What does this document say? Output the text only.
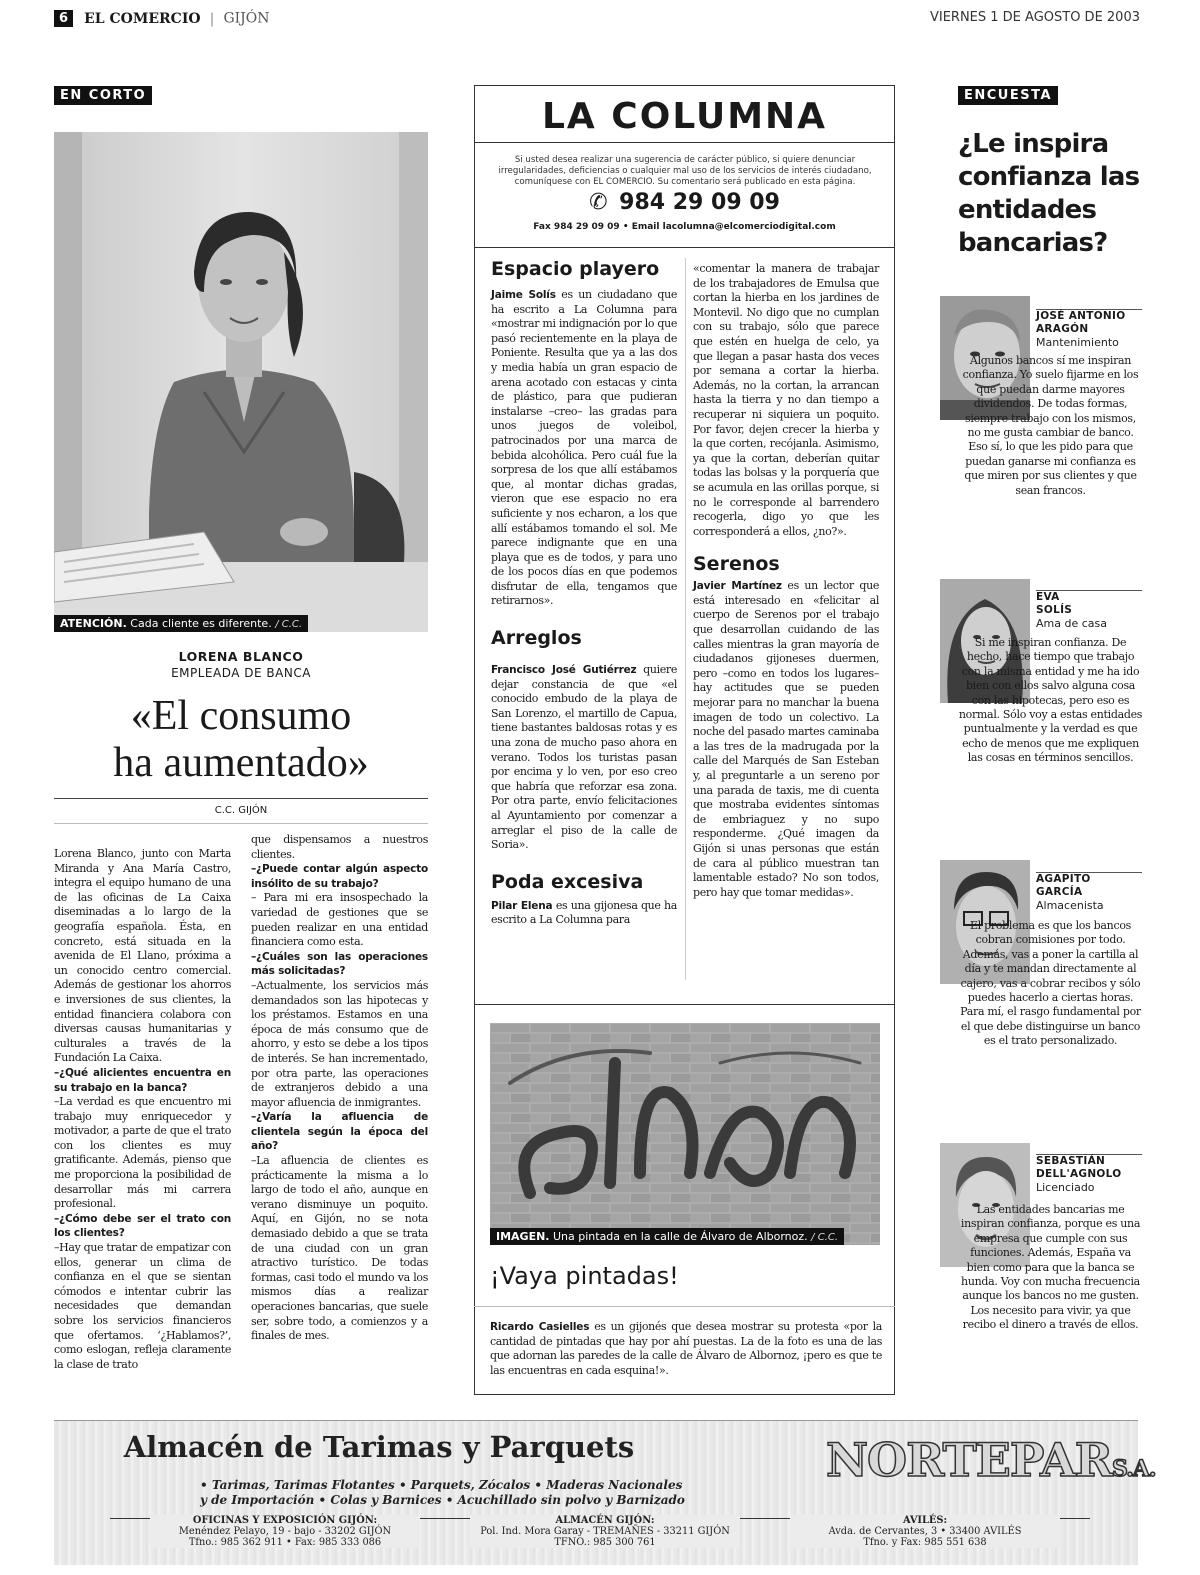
6 EL COMERCIO | GIJÓN	VIERNES 1 DE AGOSTO DE 2003
EN CORTO
ATENCIÓN. Cada cliente es diferente. / C.C.
LORENA BLANCO
EMPLEADA DE BANCA
«El consumo
ha aumentado»
C.C. GIJÓN

Lorena Blanco, junto con Marta Miranda y Ana María Castro, integra el equipo humano de una de las oficinas de La Caixa diseminadas a lo largo de la geografía española. Ésta, en concreto, está situada en la avenida de El Llano, próxima a un conocido centro comercial. Además de gestionar los ahorros e inversiones de sus clientes, la entidad financiera colabora con diversas causas humanitarias y culturales a través de la Fundación La Caixa.

–¿Qué alicientes encuentra en su trabajo en la banca?

–La verdad es que encuentro mi trabajo muy enriquecedor y motivador, a parte de que el trato con los clientes es muy gratificante. Además, pienso que me proporciona la posibilidad de desarrollar más mi carrera profesional.

–¿Cómo debe ser el trato con los clientes?

–Hay que tratar de empatizar con ellos, generar un clima de confianza en el que se sientan cómodos e intentar cubrir las necesidades que demandan sobre los servicios financieros que ofertamos. ‘¿Hablamos?’, como eslogan, refleja claramente la clase de trato

que dispensamos a nuestros clientes.

–¿Puede contar algún aspecto insólito de su trabajo?

– Para mi era insospechado la variedad de gestiones que se pueden realizar en una entidad financiera como esta.

–¿Cuáles son las operaciones más solicitadas?

–Actualmente, los servicios más demandados son las hipotecas y los préstamos. Estamos en una época de más consumo que de ahorro, y esto se debe a los tipos de interés. Se han incrementado, por otra parte, las operaciones de extranjeros debido a una mayor afluencia de inmigrantes.

–¿Varía la afluencia de clientela según la época del año?

–La afluencia de clientes es prácticamente la misma a lo largo de todo el año, aunque en verano disminuye un poquito. Aquí, en Gijón, no se nota demasiado debido a que se trata de una ciudad con un gran atractivo turístico. De todas formas, casi todo el mundo va los mismos días a realizar operaciones bancarias, que suele ser, sobre todo, a comienzos y a finales de mes.

LA COLUMNA
Si usted desea realizar una sugerencia de carácter público, si quiere denunciar irregularidades, deficiencias o cualquier mal uso de los servicios de interés ciudadano, comuníquese con EL COMERCIO. Su comentario será publicado en esta página.
✆ 984 29 09 09
Fax 984 29 09 09 • Email lacolumna@elcomerciodigital.com
Espacio playero
Jaime Solís es un ciudadano que ha escrito a La Columna para «mostrar mi indignación por lo que pasó recientemente en la playa de Poniente. Resulta que ya a las dos y media había un gran espacio de arena acotado con estacas y cinta de plástico, para que pudieran instalarse –creo– las gradas para unos juegos de voleibol, patrocinados por una marca de bebida alcohólica. Pero cuál fue la sorpresa de los que allí estábamos que, al montar dichas gradas, vieron que ese espacio no era suficiente y nos echaron, a los que allí estábamos tomando el sol. Me parece indignante que en una playa que es de todos, y para uno de los pocos días en que podemos disfrutar de ella, tengamos que retirarnos».
Arreglos
Francisco José Gutiérrez quiere dejar constancia de que «el conocido embudo de la playa de San Lorenzo, el martillo de Capua, tiene bastantes baldosas rotas y es una zona de mucho paso ahora en verano. Todos los turistas pasan por encima y lo ven, por eso creo que habría que reforzar esa zona. Por otra parte, envío felicitaciones al Ayuntamiento por comenzar a arreglar el piso de la calle de Soria».
Poda excesiva
Pilar Elena es una gijonesa que ha escrito a La Columna para
«comentar la manera de trabajar de los trabajadores de Emulsa que cortan la hierba en los jardines de Montevil. No digo que no cumplan con su trabajo, sólo que parece que estén en huelga de celo, ya que llegan a pasar hasta dos veces por semana a cortar la hierba. Además, no la cortan, la arrancan hasta la tierra y no dan tiempo a recuperar ni siquiera un poquito. Por favor, dejen crecer la hierba y la que corten, recójanla. Asimismo, ya que la cortan, deberían quitar todas las bolsas y la porquería que se acumula en las orillas porque, si no le corresponde al barrendero recogerla, digo yo que les corresponderá a ellos, ¿no?».
Serenos
Javier Martínez es un lector que está interesado en «felicitar al cuerpo de Serenos por el trabajo que desarrollan cuidando de las calles mientras la gran mayoría de ciudadanos gijoneses duermen, pero –como en todos los lugares– hay actitudes que se pueden mejorar para no manchar la buena imagen de todo un colectivo. La noche del pasado martes caminaba a las tres de la madrugada por la calle del Marqués de San Esteban y, al preguntarle a un sereno por una parada de taxis, me di cuenta que mostraba evidentes síntomas de embriaguez y no supo responderme. ¿Qué imagen da Gijón si unas personas que están de cara al público muestran tan lamentable estado? No son todos, pero hay que tomar medidas».
IMAGEN. Una pintada en la calle de Álvaro de Albornoz. / C.C.
¡Vaya pintadas!
Ricardo Casielles es un gijonés que desea mostrar su protesta «por la cantidad de pintadas que hay por ahí puestas. La de la foto es una de las que adornan las paredes de la calle de Álvaro de Albornoz, ¡pero es que te las encuentras en cada esquina!».
ENCUESTA
¿Le inspira confianza las entidades bancarias?
JOSÉ ANTONIO
ARAGÓN
Mantenimiento
Algunos bancos sí me inspiran confianza. Yo suelo fijarme en los que puedan darme mayores dividendos. De todas formas, siempre trabajo con los mismos, no me gusta cambiar de banco. Eso sí, lo que les pido para que puedan ganarse mi confianza es que miren por sus clientes y que sean francos.
EVA
SOLÍS
Ama de casa
Si me inspiran confianza. De hecho, hace tiempo que trabajo con la misma entidad y me ha ido bien con ellos salvo alguna cosa con las hipotecas, pero eso es normal. Sólo voy a estas entidades puntualmente y la verdad es que echo de menos que me expliquen las cosas en términos sencillos.
AGAPITO
GARCÍA
Almacenista
El problema es que los bancos cobran comisiones por todo. Además, vas a poner la cartilla al día y te mandan directamente al cajero, vas a cobrar recibos y sólo puedes hacerlo a ciertas horas. Para mí, el rasgo fundamental por el que debe distinguirse un banco es el trato personalizado.
SEBASTIÁN
DELL'AGNOLO
Licenciado
Las entidades bancarias me inspiran confianza, porque es una empresa que cumple con sus funciones. Además, España va bien como para que la banca se hunda. Voy con mucha frecuencia aunque los bancos no me gusten. Los necesito para vivir, ya que recibo el dinero a través de ellos.
Almacén de Tarimas y Parquets
• Tarimas, Tarimas Flotantes • Parquets, Zócalos • Maderas Nacionales
y de Importación • Colas y Barnices • Acuchillado sin polvo y Barnizado
NORTEPARS.A.
OFICINAS Y EXPOSICIÓN GIJÓN:
Menéndez Pelayo, 19 - bajo - 33202 GIJÓN
Tfno.: 985 362 911 • Fax: 985 333 086
ALMACÉN GIJÓN:
Pol. Ind. Mora Garay - TREMAÑES - 33211 GIJÓN
TFNO.: 985 300 761
AVILÉS:
Avda. de Cervantes, 3 • 33400 AVILÉS
Tfno. y Fax: 985 551 638
